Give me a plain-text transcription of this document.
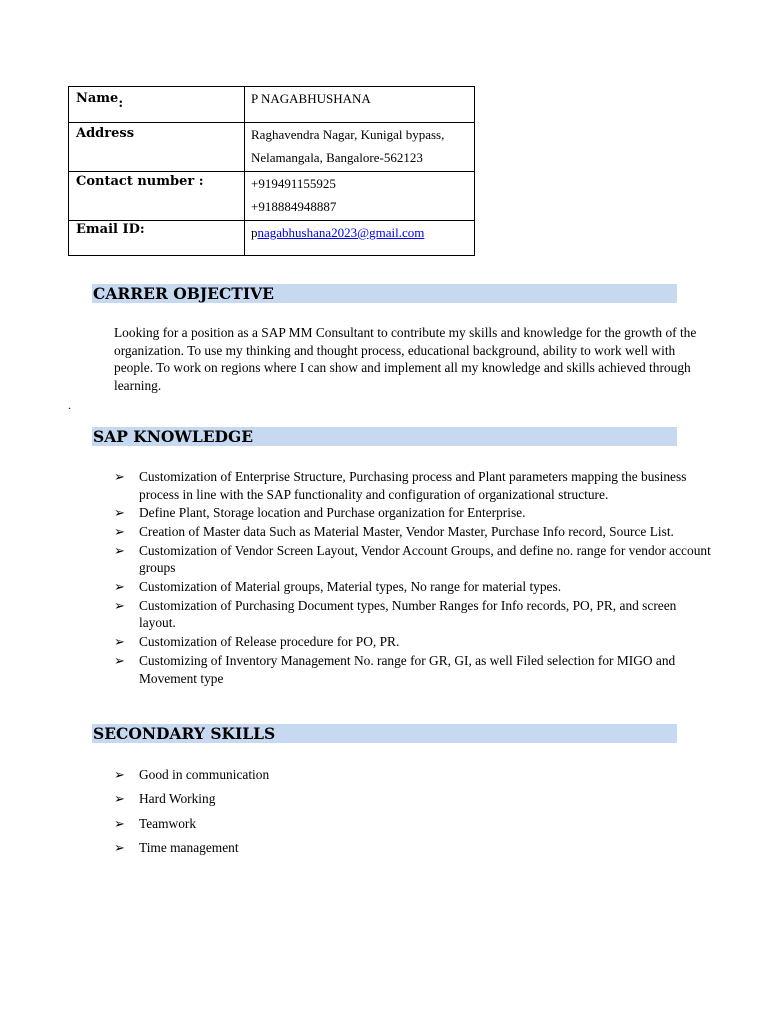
Name:	P NAGABHUSHANA
Address	Raghavendra Nagar, Kunigal bypass,
Nelamangala, Bangalore-562123

Contact number :	+919491155925
+918884948887

Email ID:	pnagabhushana2023@gmail.com
CARRER OBJECTIVE
Looking for a position as a SAP MM Consultant to contribute my skills and knowledge for the growth of the organization. To use my thinking and thought process, educational background, ability to work well with people. To work on regions where I can show and implement all my knowledge and skills achieved through learning.
.
SAP KNOWLEDGE
➢ Customization of Enterprise Structure, Purchasing process and Plant parameters mapping the business process in line with the SAP functionality and configuration of organizational structure.
➢ Define Plant, Storage location and Purchase organization for Enterprise.
➢ Creation of Master data Such as Material Master, Vendor Master, Purchase Info record, Source List.
➢ Customization of Vendor Screen Layout, Vendor Account Groups, and define no. range for vendor account groups
➢ Customization of Material groups, Material types, No range for material types.
➢ Customization of Purchasing Document types, Number Ranges for Info records, PO, PR, and screen layout.
➢ Customization of Release procedure for PO, PR.
➢ Customizing of Inventory Management No. range for GR, GI, as well Filed selection for MIGO and Movement type
SECONDARY SKILLS
➢ Good in communication
➢ Hard Working
➢ Teamwork
➢ Time management
